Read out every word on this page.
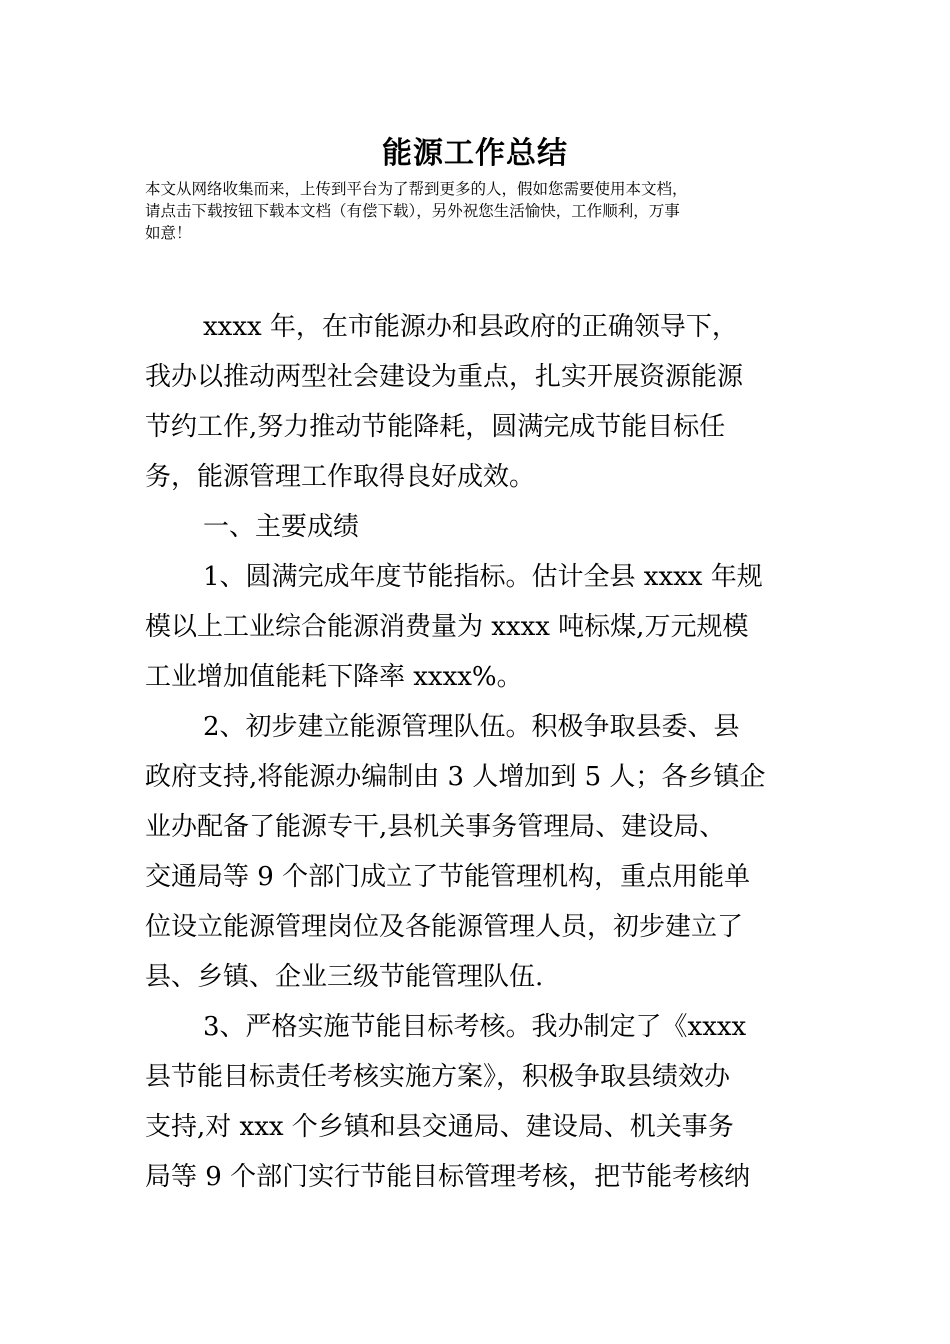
能源工作总结
本文从网络收集而来，上传到平台为了帮到更多的人，假如您需要使用本文档，
请点击下载按钮下载本文档（有偿下载），另外祝您生活愉快，工作顺利，万事
如意！
xxxx 年，在市能源办和县政府的正确领导下，
我办以推动两型社会建设为重点，扎实开展资源能源
节约工作,努力推动节能降耗，圆满完成节能目标任
务，能源管理工作取得良好成效。
一、主要成绩
1、圆满完成年度节能指标。估计全县 xxxx 年规
模以上工业综合能源消费量为 xxxx 吨标煤,万元规模
工业增加值能耗下降率 xxxx%。
2、初步建立能源管理队伍。积极争取县委、县
政府支持,将能源办编制由 3 人增加到 5 人；各乡镇企
业办配备了能源专干,县机关事务管理局、建设局、
交通局等 9 个部门成立了节能管理机构，重点用能单
位设立能源管理岗位及各能源管理人员，初步建立了
县、乡镇、企业三级节能管理队伍.
3、严格实施节能目标考核。我办制定了《xxxx
县节能目标责任考核实施方案》，积极争取县绩效办
支持,对 xxx 个乡镇和县交通局、建设局、机关事务
局等 9 个部门实行节能目标管理考核，把节能考核纳
